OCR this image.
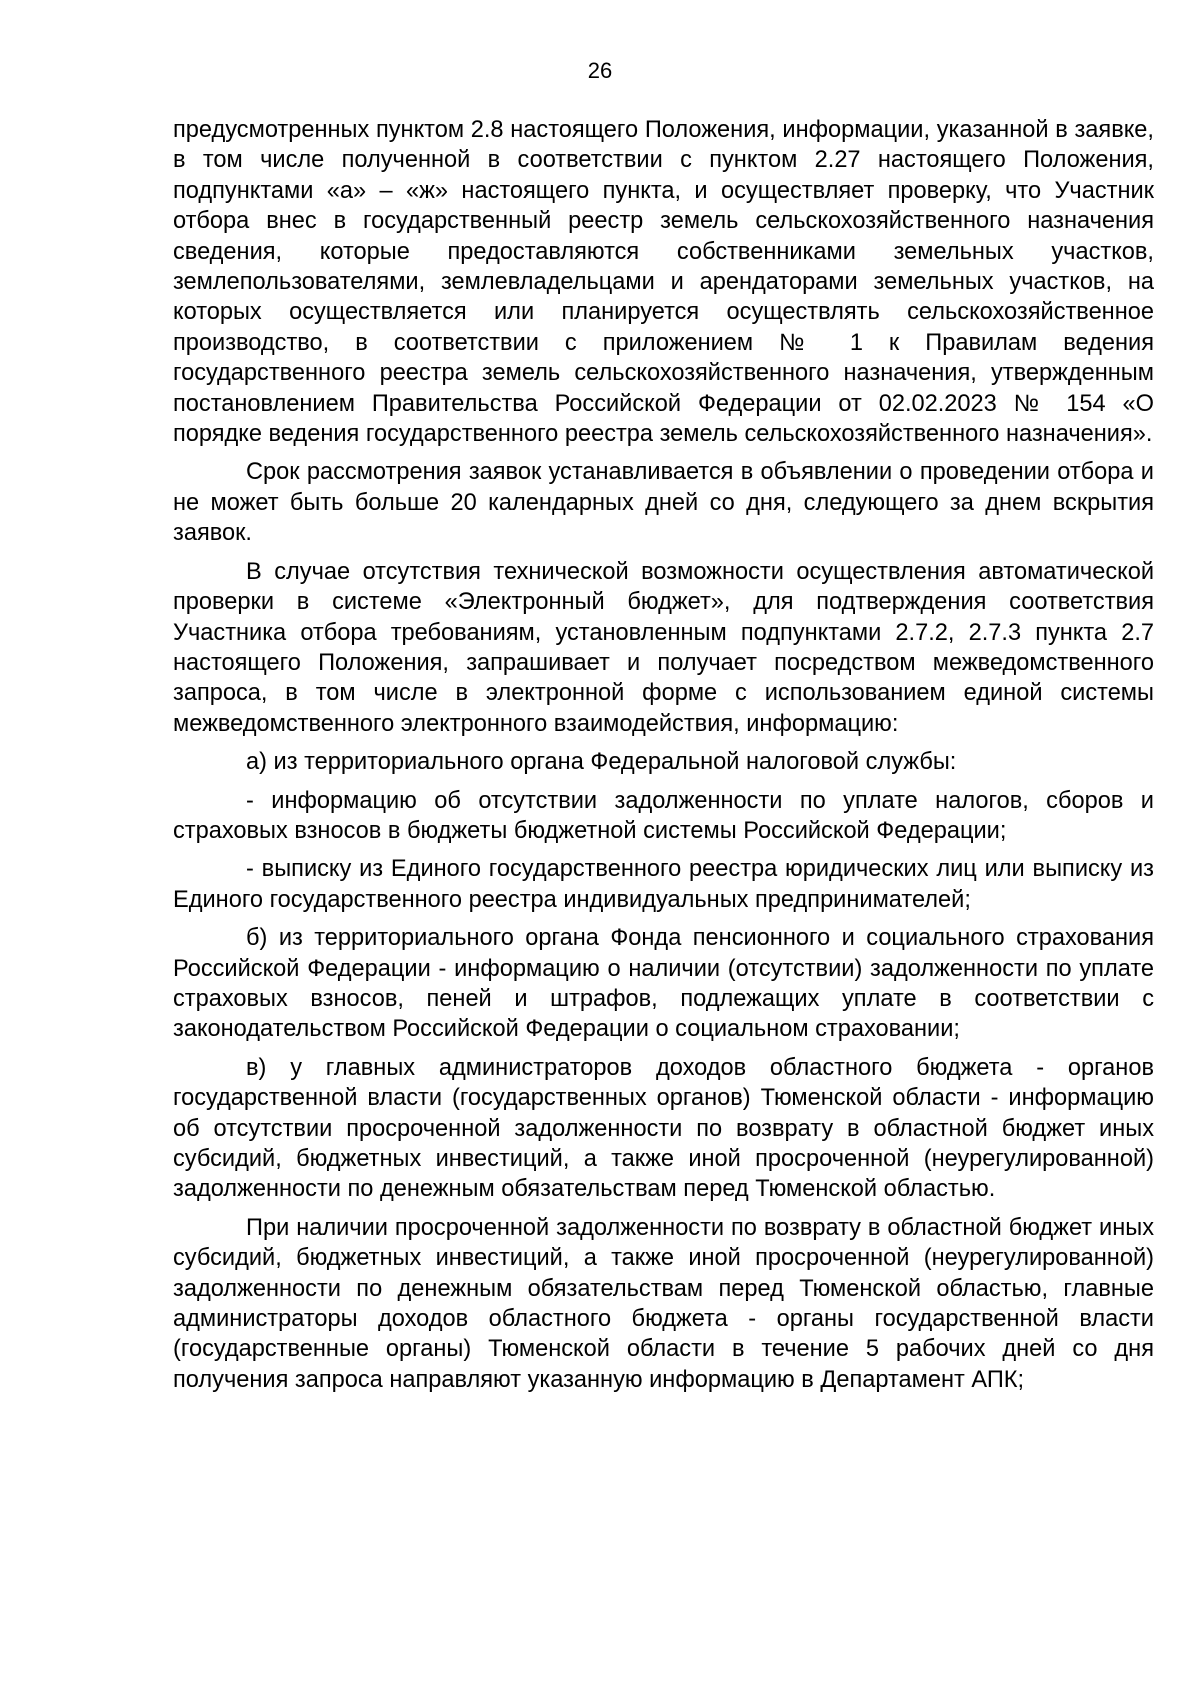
26

предусмотренных пунктом 2.8 настоящего Положения, информации, указанной в заявке, в том числе полученной в соответствии с пунктом 2.27 настоящего Положения, подпунктами «а» – «ж» настоящего пункта, и осуществляет проверку, что Участник отбора внес в государственный реестр земель сельскохозяйственного назначения сведения, которые предоставляются собственниками земельных участков, землепользователями, землевладельцами и арендаторами земельных участков, на которых осуществляется или планируется осуществлять сельскохозяйственное производство, в соответствии с приложением № 1 к Правилам ведения государственного реестра земель сельскохозяйственного назначения, утвержденным постановлением Правительства Российской Федерации от 02.02.2023 № 154 «О порядке ведения государственного реестра земель сельскохозяйственного назначения».

Срок рассмотрения заявок устанавливается в объявлении о проведении отбора и не может быть больше 20 календарных дней со дня, следующего за днем вскрытия заявок.

В случае отсутствия технической возможности осуществления автоматической проверки в системе «Электронный бюджет», для подтверждения соответствия Участника отбора требованиям, установленным подпунктами 2.7.2, 2.7.3 пункта 2.7 настоящего Положения, запрашивает и получает посредством межведомственного запроса, в том числе в электронной форме с использованием единой системы межведомственного электронного взаимодействия, информацию:

а) из территориального органа Федеральной налоговой службы:

- информацию об отсутствии задолженности по уплате налогов, сборов и страховых взносов в бюджеты бюджетной системы Российской Федерации;

- выписку из Единого государственного реестра юридических лиц или выписку из Единого государственного реестра индивидуальных предпринимателей;

б) из территориального органа Фонда пенсионного и социального страхования Российской Федерации - информацию о наличии (отсутствии) задолженности по уплате страховых взносов, пеней и штрафов, подлежащих уплате в соответствии с законодательством Российской Федерации о социальном страховании;

в) у главных администраторов доходов областного бюджета - органов государственной власти (государственных органов) Тюменской области - информацию об отсутствии просроченной задолженности по возврату в областной бюджет иных субсидий, бюджетных инвестиций, а также иной просроченной (неурегулированной) задолженности по денежным обязательствам перед Тюменской областью.

При наличии просроченной задолженности по возврату в областной бюджет иных субсидий, бюджетных инвестиций, а также иной просроченной (неурегулированной) задолженности по денежным обязательствам перед Тюменской областью, главные администраторы доходов областного бюджета - органы государственной власти (государственные органы) Тюменской области в течение 5 рабочих дней со дня получения запроса направляют указанную информацию в Департамент АПК;
